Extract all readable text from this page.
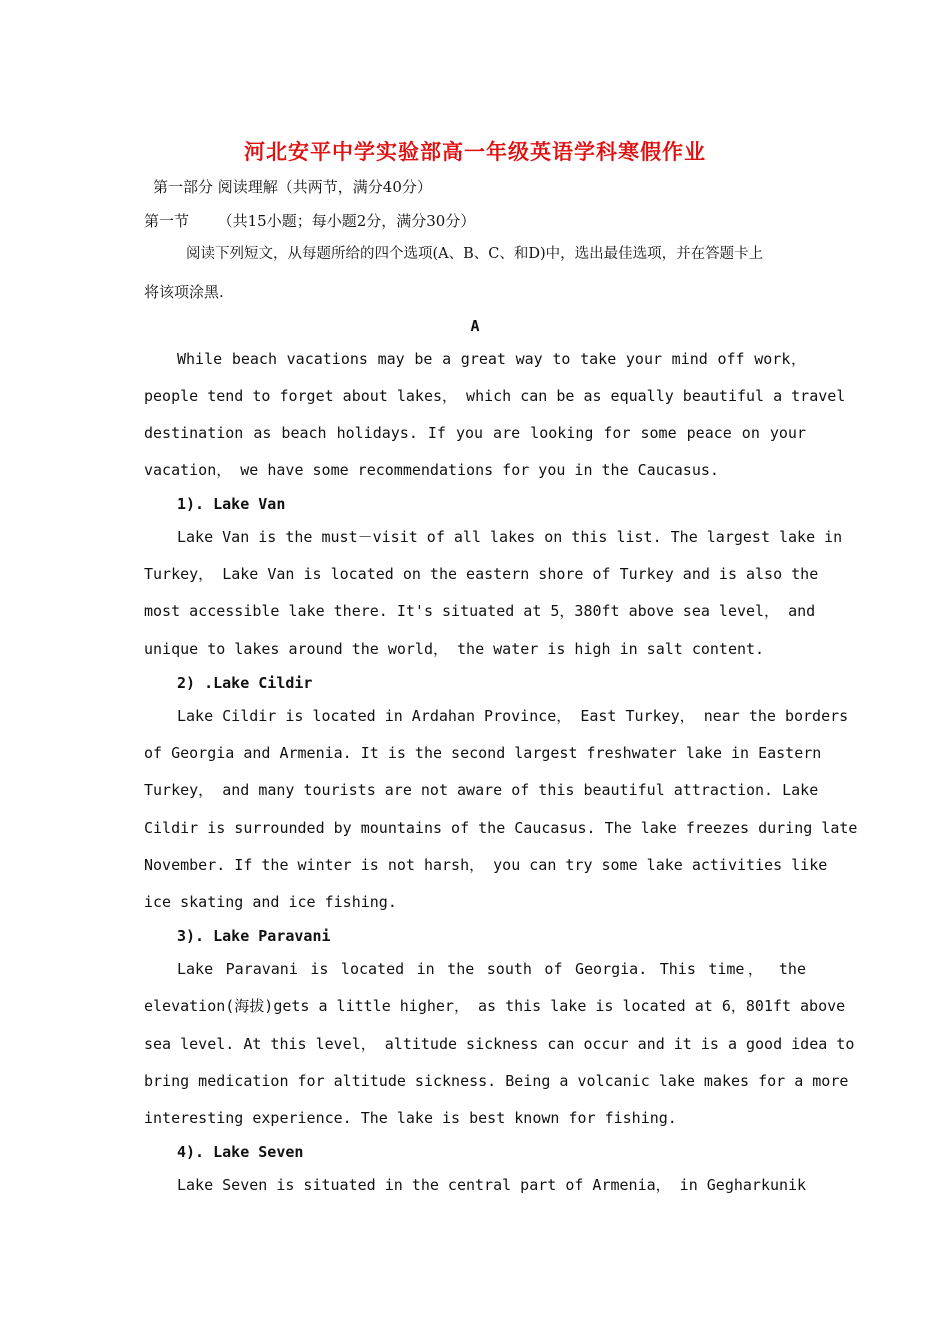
河北安平中学实验部高一年级英语学科寒假作业
第一部分 阅读理解（共两节，满分40分）
第一节      （共15小题；每小题2分，满分30分）
阅读下列短文，从每题所给的四个选项(A、B、C、和D)中，选出最佳选项，并在答题卡上
将该项涂黑.
A
While beach vacations may be a great way to take your mind off work，
people tend to forget about lakes， which can be as equally beautiful a travel
destination as beach holidays. If you are looking for some peace on your
vacation， we have some recommendations for you in the Caucasus.
1). Lake Van
Lake Van is the must－visit of all lakes on this list. The largest lake in
Turkey， Lake Van is located on the eastern shore of Turkey and is also the
most accessible lake there. It's situated at 5，380ft above sea level， and
unique to lakes around the world， the water is high in salt content.
2) .Lake Cildir
Lake Cildir is located in Ardahan Province， East Turkey， near the borders
of Georgia and Armenia. It is the second largest freshwater lake in Eastern
Turkey， and many tourists are not aware of this beautiful attraction. Lake
Cildir is surrounded by mountains of the Caucasus. The lake freezes during late
November. If the winter is not harsh， you can try some lake activities like
ice skating and ice fishing.
3). Lake Paravani
Lake Paravani is located in the south of Georgia. This time， the
elevation(海拔)gets a little higher， as this lake is located at 6，801ft above
sea level. At this level， altitude sickness can occur and it is a good idea to
bring medication for altitude sickness. Being a volcanic lake makes for a more
interesting experience. The lake is best known for fishing.
4). Lake Seven
Lake Seven is situated in the central part of Armenia， in Gegharkunik
